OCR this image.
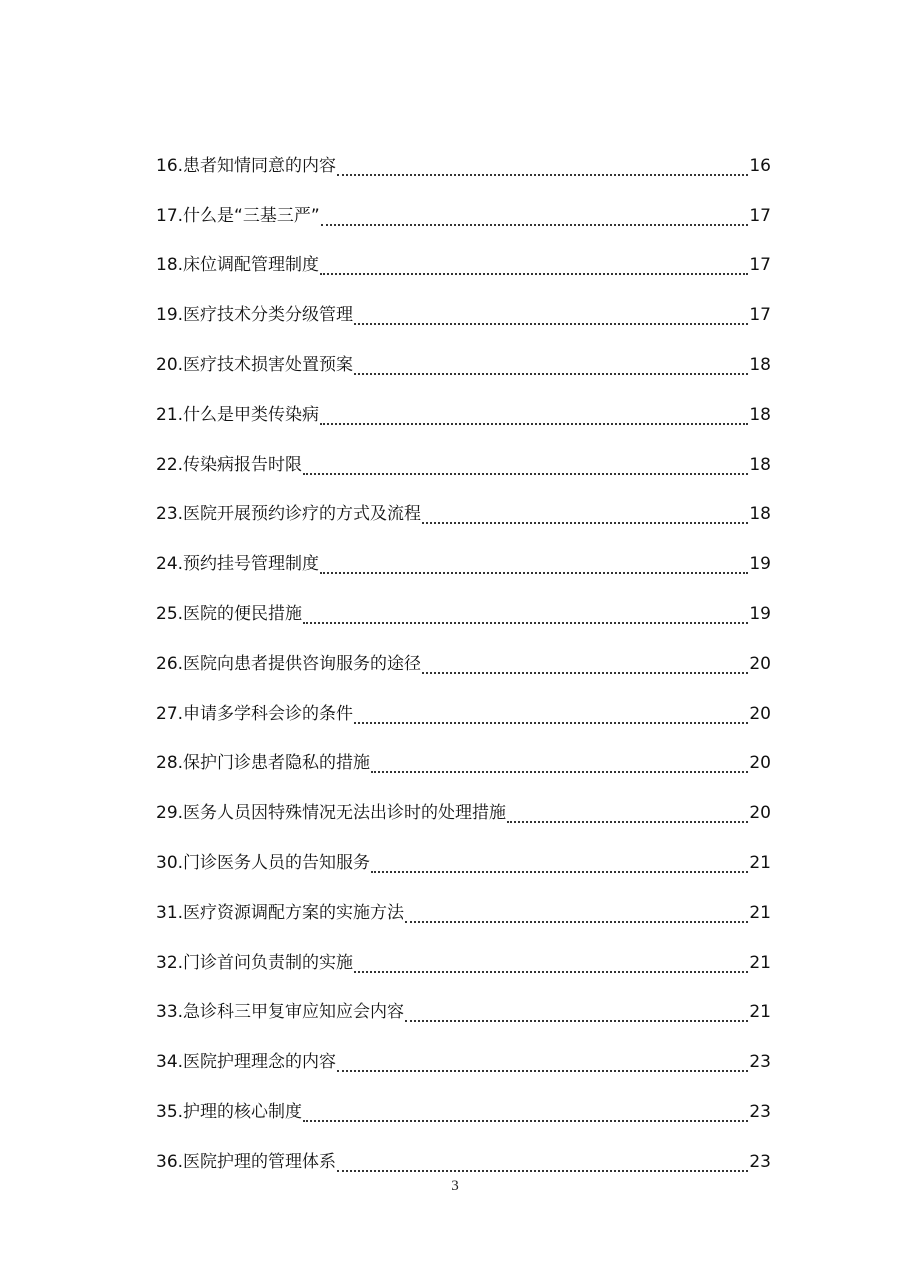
16.患者知情同意的内容	16
17.什么是“三基三严”	17
18.床位调配管理制度	17
19.医疗技术分类分级管理	17
20.医疗技术损害处置预案	18
21.什么是甲类传染病	18
22.传染病报告时限	18
23.医院开展预约诊疗的方式及流程	18
24.预约挂号管理制度	19
25.医院的便民措施	19
26.医院向患者提供咨询服务的途径	20
27.申请多学科会诊的条件	20
28.保护门诊患者隐私的措施	20
29.医务人员因特殊情况无法出诊时的处理措施	20
30.门诊医务人员的告知服务	21
31.医疗资源调配方案的实施方法	21
32.门诊首问负责制的实施	21
33.急诊科三甲复审应知应会内容	21
34.医院护理理念的内容	23
35.护理的核心制度	23
36.医院护理的管理体系	23
3
